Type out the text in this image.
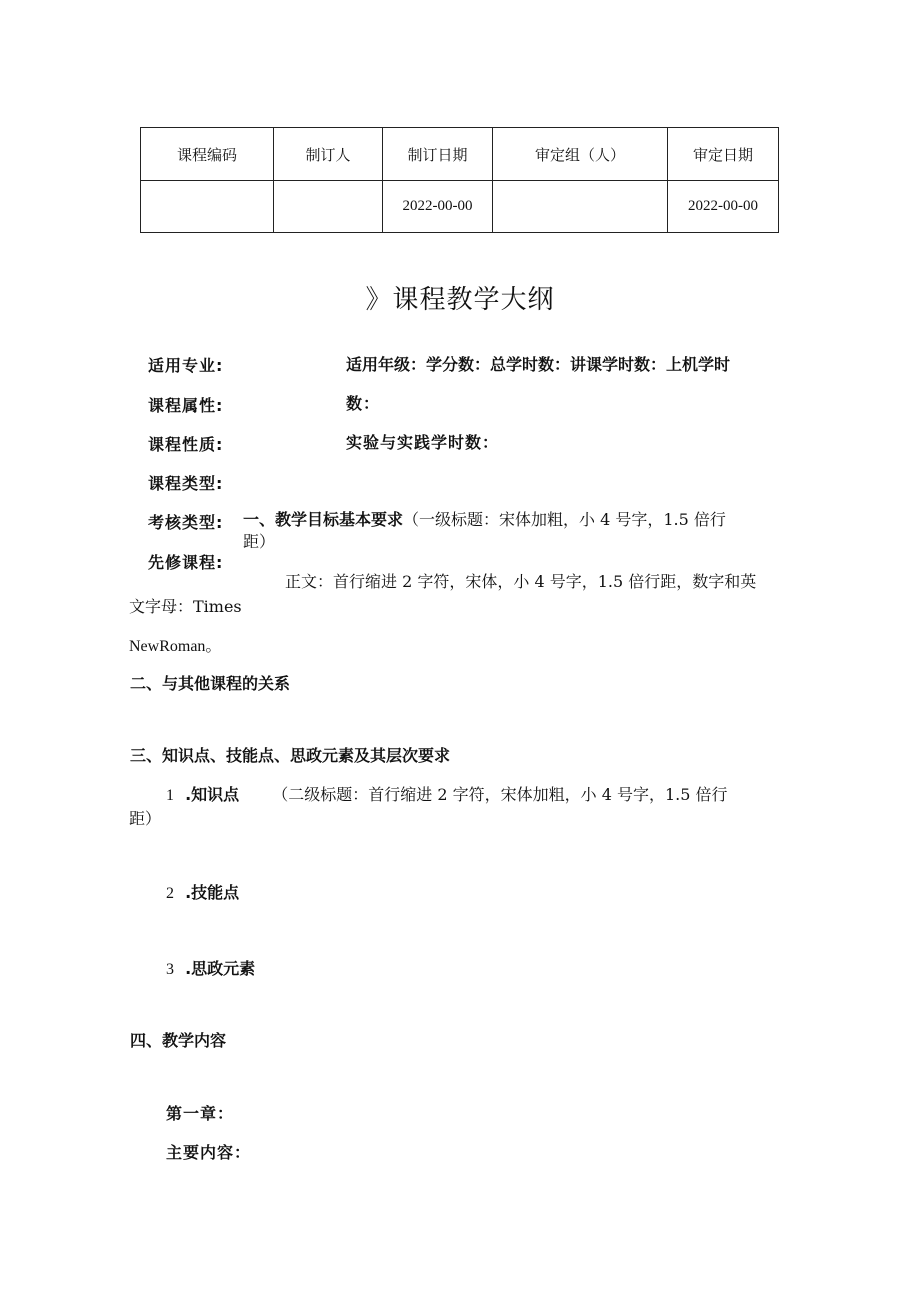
课程编码	制订人	制订日期	审定组（人）	审定日期
		2022-00-00		2022-00-00
》课程教学大纲
适用专业:
课程属性:
课程性质:
课程类型:
考核类型:
先修课程:
适用年级：学分数：总学时数：讲课学时数：上机学时
数：
实验与实践学时数：
一、教学目标基本要求（一级标题：宋体加粗，小 4 号字，1.5 倍行
距）
正文：首行缩进 2 字符，宋体，小 4 号字，1.5 倍行距，数字和英
文字母：Times
NewRoman。
二、与其他课程的关系
三、知识点、技能点、思政元素及其层次要求
1 .知识点 （二级标题：首行缩进 2 字符，宋体加粗，小 4 号字，1.5 倍行
距）
2 .技能点
3 .思政元素
四、教学内容
第一章：
主要内容：
